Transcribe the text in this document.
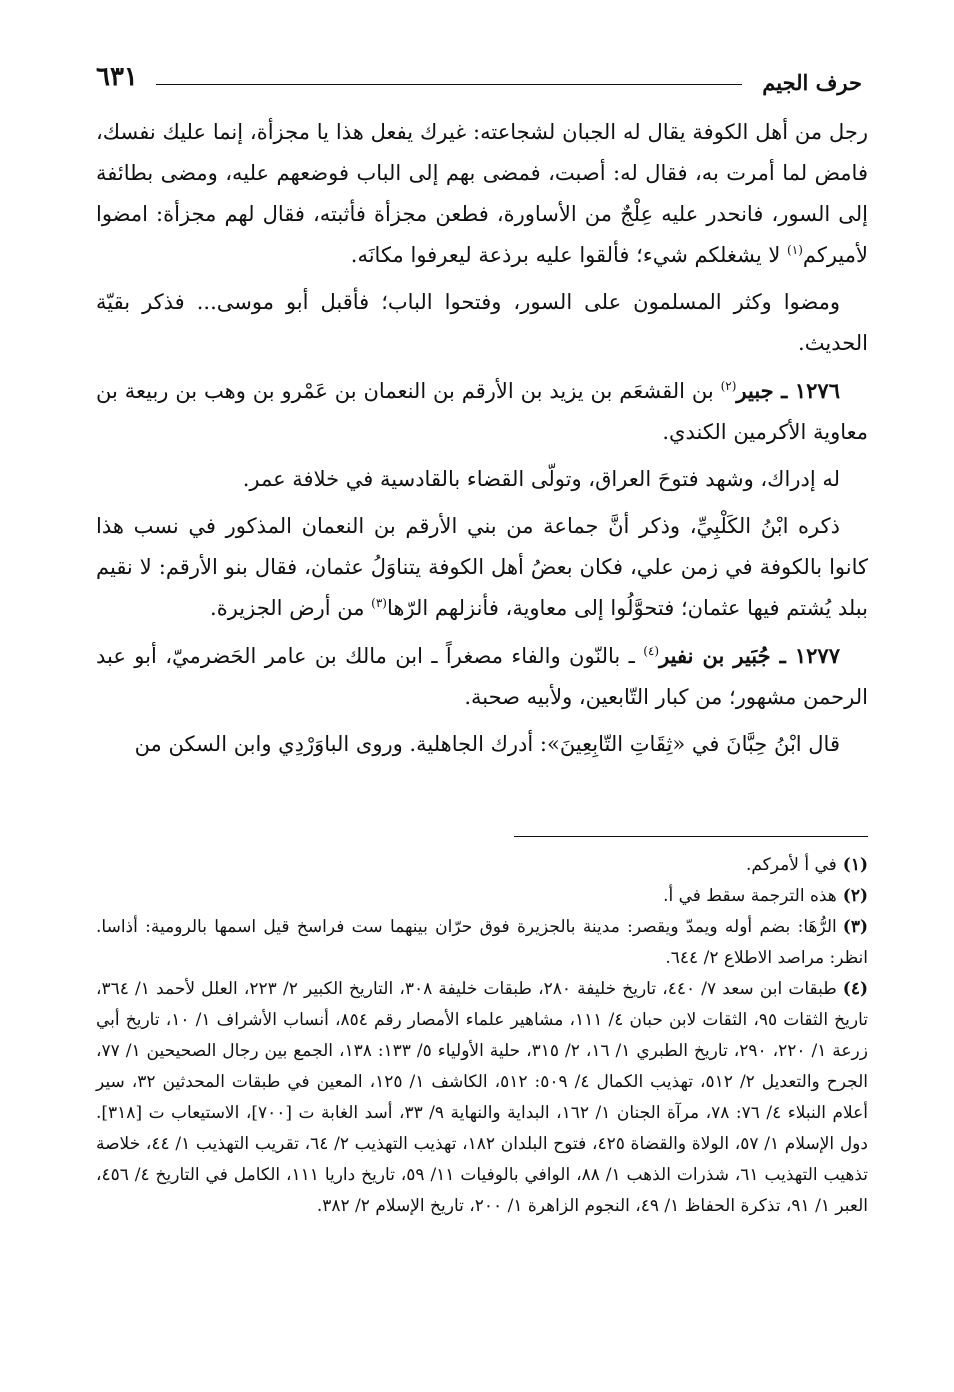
٦٣١	حرف الجيم

رجل من أهل الكوفة يقال له الجبان لشجاعته: غيرك يفعل هذا يا مجزأة، إنما عليك نفسك، فامض لما أمرت به، فقال له: أصبت، فمضى بهم إلى الباب فوضعهم عليه، ومضى بطائفة إلى السور، فانحدر عليه عِلْجٌ من الأساورة، فطعن مجزأة فأثبته، فقال لهم مجزأة: امضوا لأميركم$^{(١)}$ لا يشغلكم شيء؛ فألقوا عليه برذعة ليعرفوا مكانَه.

ومضوا وكثر المسلمون على السور، وفتحوا الباب؛ فأقبل أبو موسى... فذكر بقيّة الحديث.

١٢٧٦ ـ جبير$^{(٢)}$ بن القشعَم بن يزيد بن الأرقم بن النعمان بن عَمْرو بن وهب بن ربيعة بن معاوية الأكرمين الكندي.

له إدراك، وشهد فتوحَ العراق، وتولّى القضاء بالقادسية في خلافة عمر.

ذكره ابْنُ الكَلْبِيِّ، وذكر أنَّ جماعة من بني الأرقم بن النعمان المذكور في نسب هذا كانوا بالكوفة في زمن علي، فكان بعضُ أهل الكوفة يتناوَلُ عثمان، فقال بنو الأرقم: لا نقيم ببلد يُشتم فيها عثمان؛ فتحوَّلُوا إلى معاوية، فأنزلهم الرّها$^{(٣)}$ من أرض الجزيرة.

١٢٧٧ ـ جُبَير بن نفير$^{(٤)}$ ـ بالنّون والفاء مصغراً ـ ابن مالك بن عامر الحَضرميّ، أبو عبد الرحمن مشهور؛ من كبار التّابعين، ولأبيه صحبة.

قال ابْنُ حِبَّانَ في «ثِقَاتِ التّابِعِينَ»: أدرك الجاهلية. وروى الباوَرْدِي وابن السكن من

(١)في أ لأمركم.

(٢)هذه الترجمة سقط في أ.

(٣)الرُّهَا: بضم أوله ويمدّ ويقصر: مدينة بالجزيرة فوق حرّان بينهما ست فراسخ قيل اسمها بالرومية: أذاسا. انظر: مراصد الاطلاع ٢/ ٦٤٤.

(٤)طبقات ابن سعد ٧/ ٤٤٠، تاريخ خليفة ٢٨٠، طبقات خليفة ٣٠٨، التاريخ الكبير ٢/ ٢٢٣، العلل لأحمد ١/ ٣٦٤، تاريخ الثقات ٩٥، الثقات لابن حبان ٤/ ١١١، مشاهير علماء الأمصار رقم ٨٥٤، أنساب الأشراف ١/ ١٠، تاريخ أبي زرعة ١/ ٢٢٠، ٢٩٠، تاريخ الطبري ١/ ١٦، ٢/ ٣١٥، حلية الأولياء ٥/ ١٣٣: ١٣٨، الجمع بين رجال الصحيحين ١/ ٧٧، الجرح والتعديل ٢/ ٥١٢، تهذيب الكمال ٤/ ٥٠٩: ٥١٢، الكاشف ١/ ١٢٥، المعين في طبقات المحدثين ٣٢، سير أعلام النبلاء ٤/ ٧٦: ٧٨، مرآة الجنان ١/ ١٦٢، البداية والنهاية ٩/ ٣٣، أسد الغابة ت [٧٠٠]، الاستيعاب ت [٣١٨]. دول الإسلام ١/ ٥٧، الولاة والقضاة ٤٢٥، فتوح البلدان ١٨٢، تهذيب التهذيب ٢/ ٦٤، تقريب التهذيب ١/ ٤٤، خلاصة تذهيب التهذيب ٦١، شذرات الذهب ١/ ٨٨، الوافي بالوفيات ١١/ ٥٩، تاريخ داريا ١١١، الكامل في التاريخ ٤/ ٤٥٦، العبر ١/ ٩١، تذكرة الحفاظ ١/ ٤٩، النجوم الزاهرة ١/ ٢٠٠، تاريخ الإسلام ٢/ ٣٨٢.
